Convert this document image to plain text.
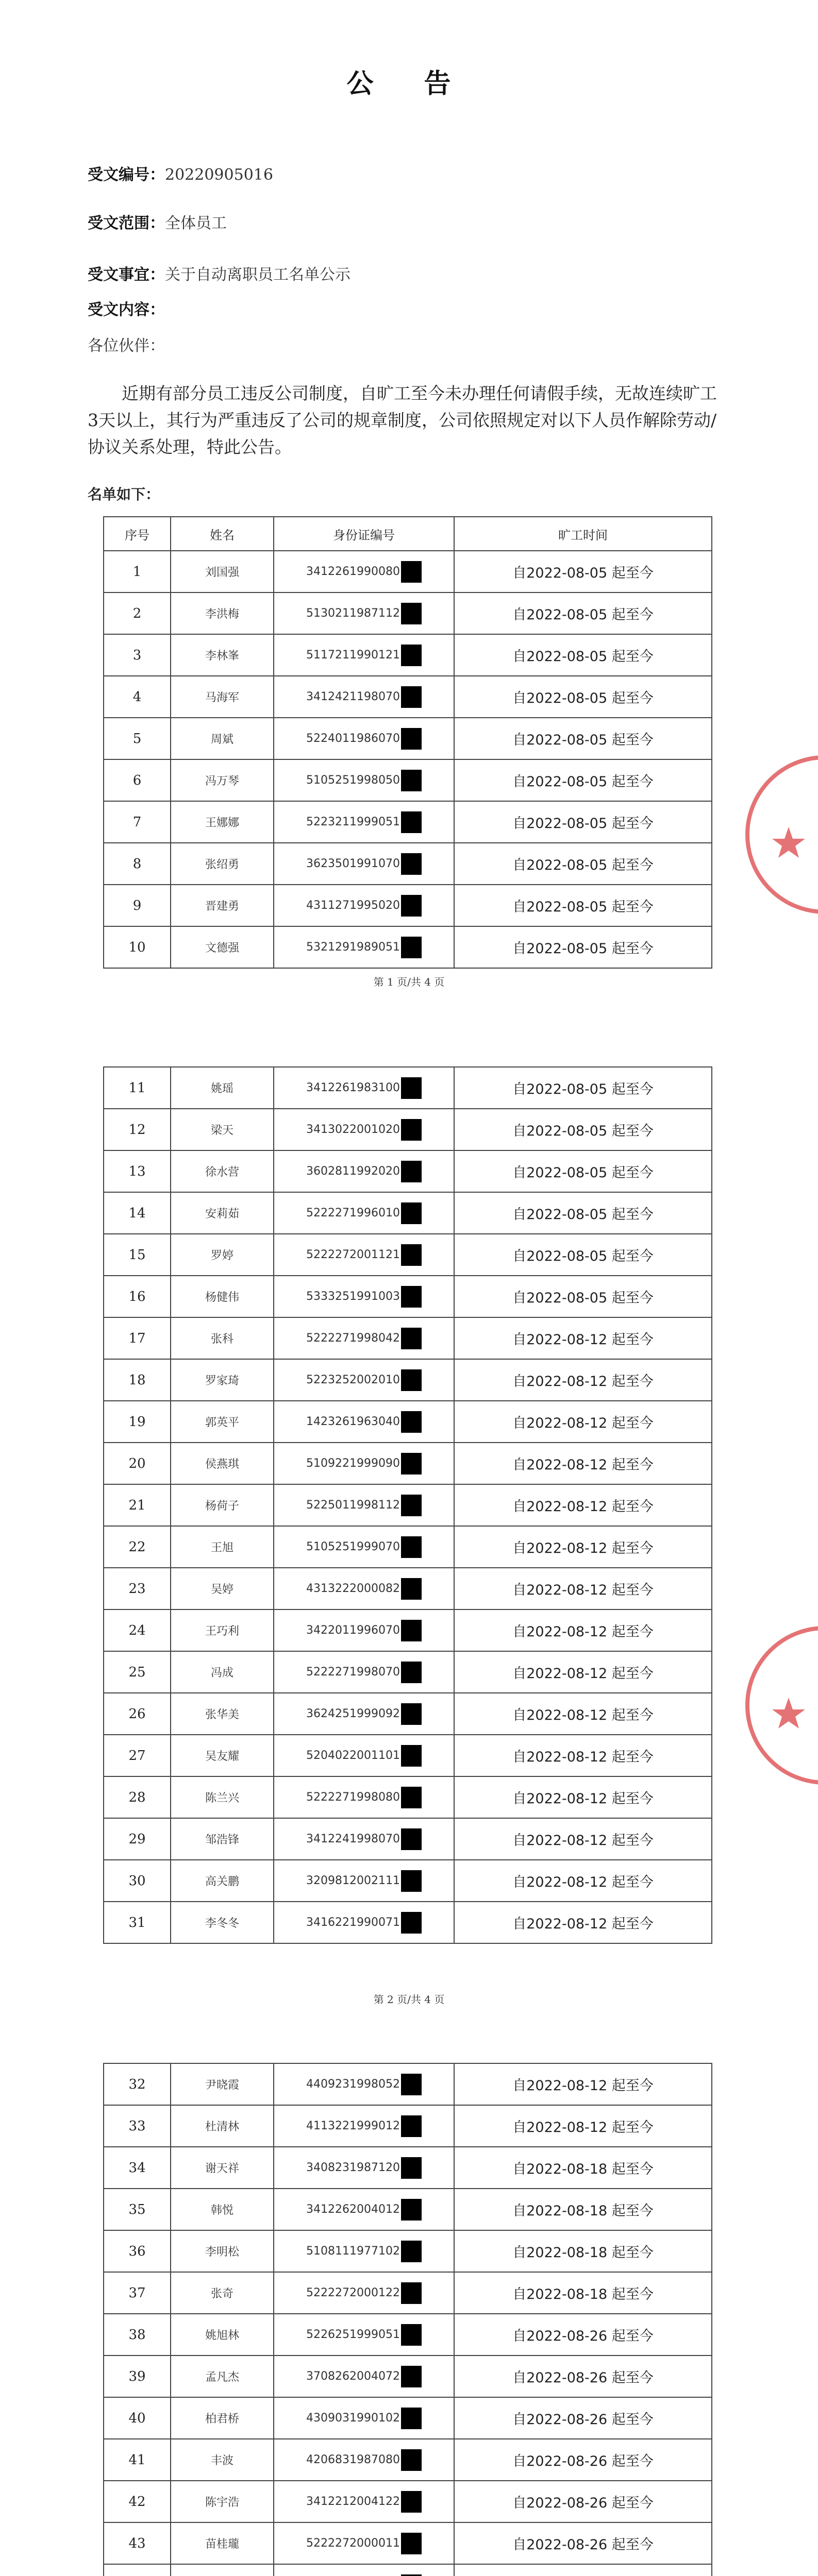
公 告
受文编号：20220905016
受文范围：全体员工
受文事宜：关于自动离职员工名单公示
受文内容：
各位伙伴：
近期有部分员工违反公司制度，自旷工至今未办理任何请假手续，无故连续旷工3天以上，其行为严重违反了公司的规章制度，公司依照规定对以下人员作解除劳动/协议关系处理，特此公告。
名单如下：
序号	姓名	身份证编号	旷工时间
1	刘国强	3412261990080	自2022-08-05 起至今
2	李洪梅	5130211987112	自2022-08-05 起至今
3	李林峯	5117211990121	自2022-08-05 起至今
4	马海军	3412421198070	自2022-08-05 起至今
5	周斌	5224011986070	自2022-08-05 起至今
6	冯万琴	5105251998050	自2022-08-05 起至今
7	王娜娜	5223211999051	自2022-08-05 起至今
8	张绍勇	3623501991070	自2022-08-05 起至今
9	晋建勇	4311271995020	自2022-08-05 起至今
10	文德强	5321291989051	自2022-08-05 起至今
11	姚瑶	3412261983100	自2022-08-05 起至今
12	梁天	3413022001020	自2022-08-05 起至今
13	徐水营	3602811992020	自2022-08-05 起至今
14	安莉茹	5222271996010	自2022-08-05 起至今
15	罗婷	5222272001121	自2022-08-05 起至今
16	杨健伟	5333251991003	自2022-08-05 起至今
17	张科	5222271998042	自2022-08-12 起至今
18	罗家琦	5223252002010	自2022-08-12 起至今
19	郭英平	1423261963040	自2022-08-12 起至今
20	侯燕琪	5109221999090	自2022-08-12 起至今
21	杨荷子	5225011998112	自2022-08-12 起至今
22	王旭	5105251999070	自2022-08-12 起至今
23	吴婷	4313222000082	自2022-08-12 起至今
24	王巧利	3422011996070	自2022-08-12 起至今
25	冯成	5222271998070	自2022-08-12 起至今
26	张华美	3624251999092	自2022-08-12 起至今
27	吴友耀	5204022001101	自2022-08-12 起至今
28	陈兰兴	5222271998080	自2022-08-12 起至今
29	邹浩锋	3412241998070	自2022-08-12 起至今
30	高关鹏	3209812002111	自2022-08-12 起至今
31	李冬冬	3416221990071	自2022-08-12 起至今
32	尹晓霞	4409231998052	自2022-08-12 起至今
33	杜清林	4113221999012	自2022-08-12 起至今
34	谢天祥	3408231987120	自2022-08-18 起至今
35	韩悦	3412262004012	自2022-08-18 起至今
36	李明松	5108111977102	自2022-08-18 起至今
37	张奇	5222272000122	自2022-08-18 起至今
38	姚旭林	5226251999051	自2022-08-26 起至今
39	孟凡杰	3708262004072	自2022-08-26 起至今
40	柏君桥	4309031990102	自2022-08-26 起至今
41	丰波	4206831987080	自2022-08-26 起至今
42	陈宇浩	3412212004122	自2022-08-26 起至今
43	苗桂瓏	5222272000011	自2022-08-26 起至今

第 1 页/共 4 页
第 2 页/共 4 页
